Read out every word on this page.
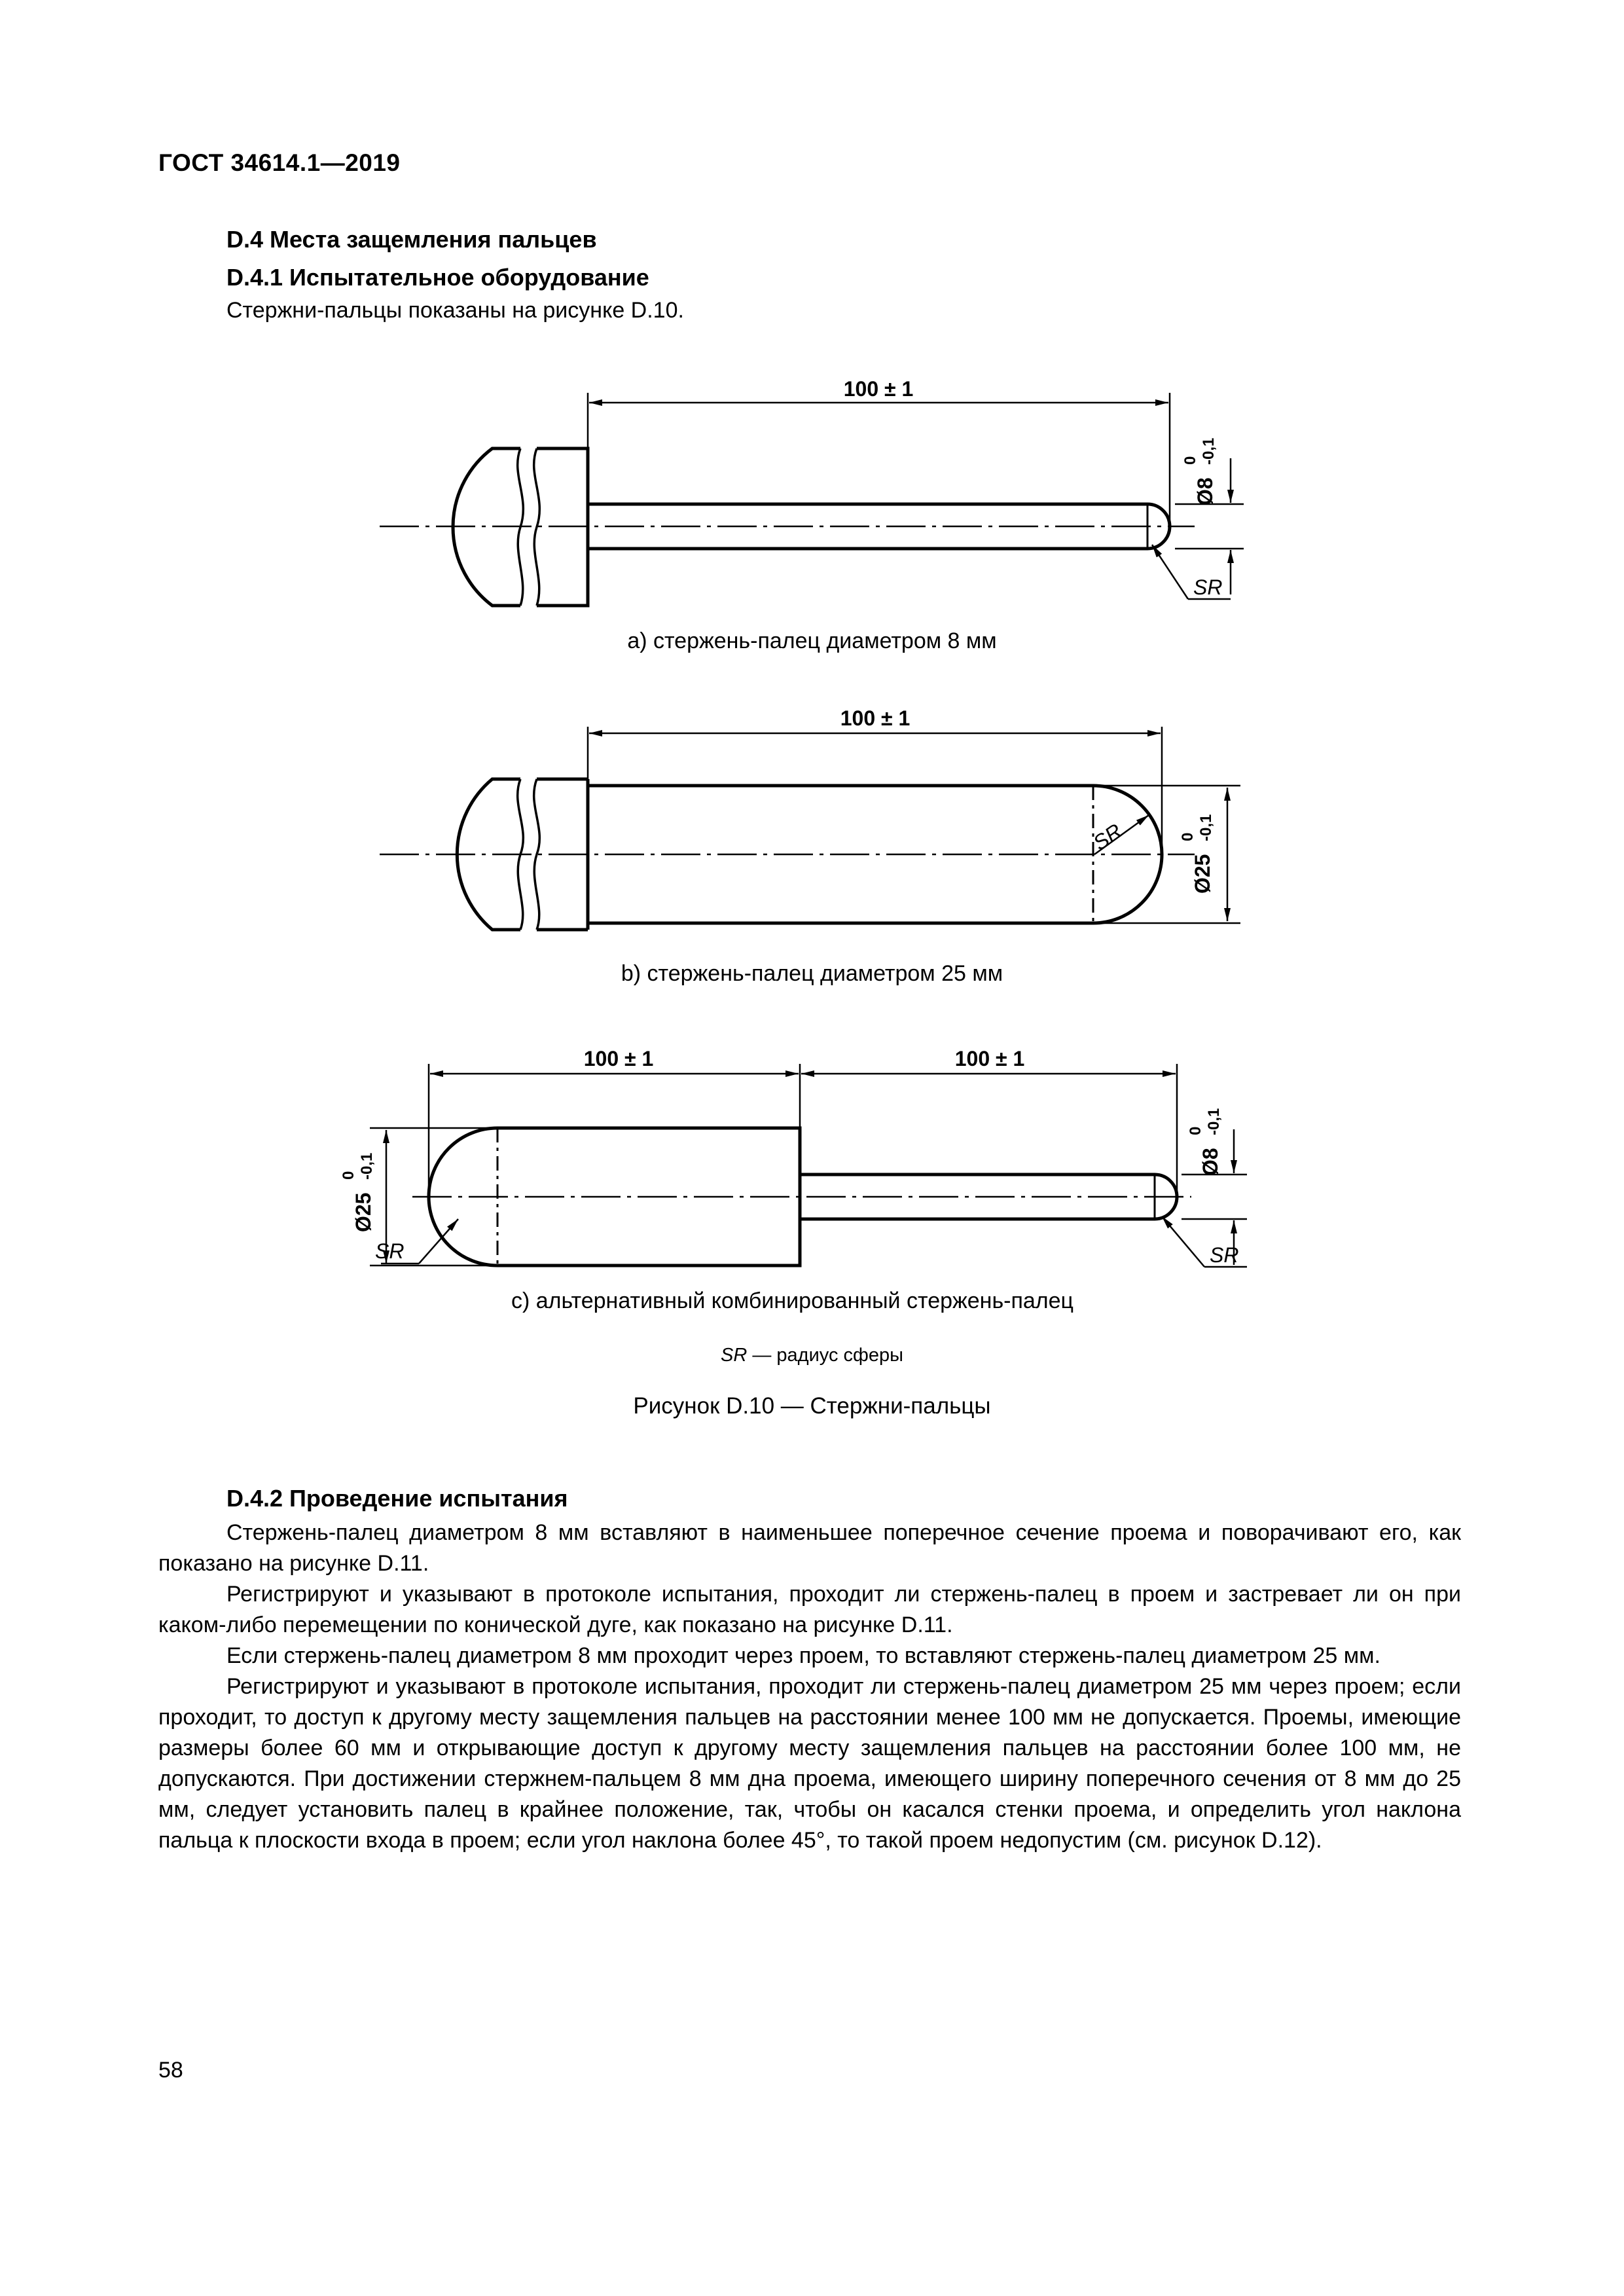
ГОСТ 34614.1—2019
D.4 Места защемления пальцев
D.4.1 Испытательное оборудование
Стержни-пальцы показаны на рисунке D.10.
100 ± 1
Ø8
0 -0,1
SR
100 ± 1
SR
Ø25
0 -0,1
100 ± 1	100 ± 1
Ø25
0 -0,1	Ø8
0 -0,1
SR	SR
а) стержень-палец диаметром 8 мм
b) стержень-палец диаметром 25 мм
с) альтернативный комбинированный стержень-палец
SR — радиус сферы
Рисунок D.10 — Стержни-пальцы
D.4.2 Проведение испытания

Стержень-палец диаметром 8 мм вставляют в наименьшее поперечное сечение проема и поворачивают его, как показано на рисунке D.11.

Регистрируют и указывают в протоколе испытания, проходит ли стержень-палец в проем и застревает ли он при каком-либо перемещении по конической дуге, как показано на рисунке D.11.

Если стержень-палец диаметром 8 мм проходит через проем, то вставляют стержень-палец диаметром 25 мм.

Регистрируют и указывают в протоколе испытания, проходит ли стержень-палец диаметром 25 мм через проем; если проходит, то доступ к другому месту защемления пальцев на расстоянии менее 100 мм не допускается. Проемы, имеющие размеры более 60 мм и открывающие доступ к другому месту защемления пальцев на расстоянии более 100 мм, не допускаются. При достижении стержнем-пальцем 8 мм дна проема, имеющего ширину поперечного сечения от 8 мм до 25 мм, следует установить палец в крайнее положение, так, чтобы он касался стенки проема, и определить угол наклона пальца к плоскости входа в проем; если угол наклона более 45°, то такой проем недопустим (см. рисунок D.12).

58
